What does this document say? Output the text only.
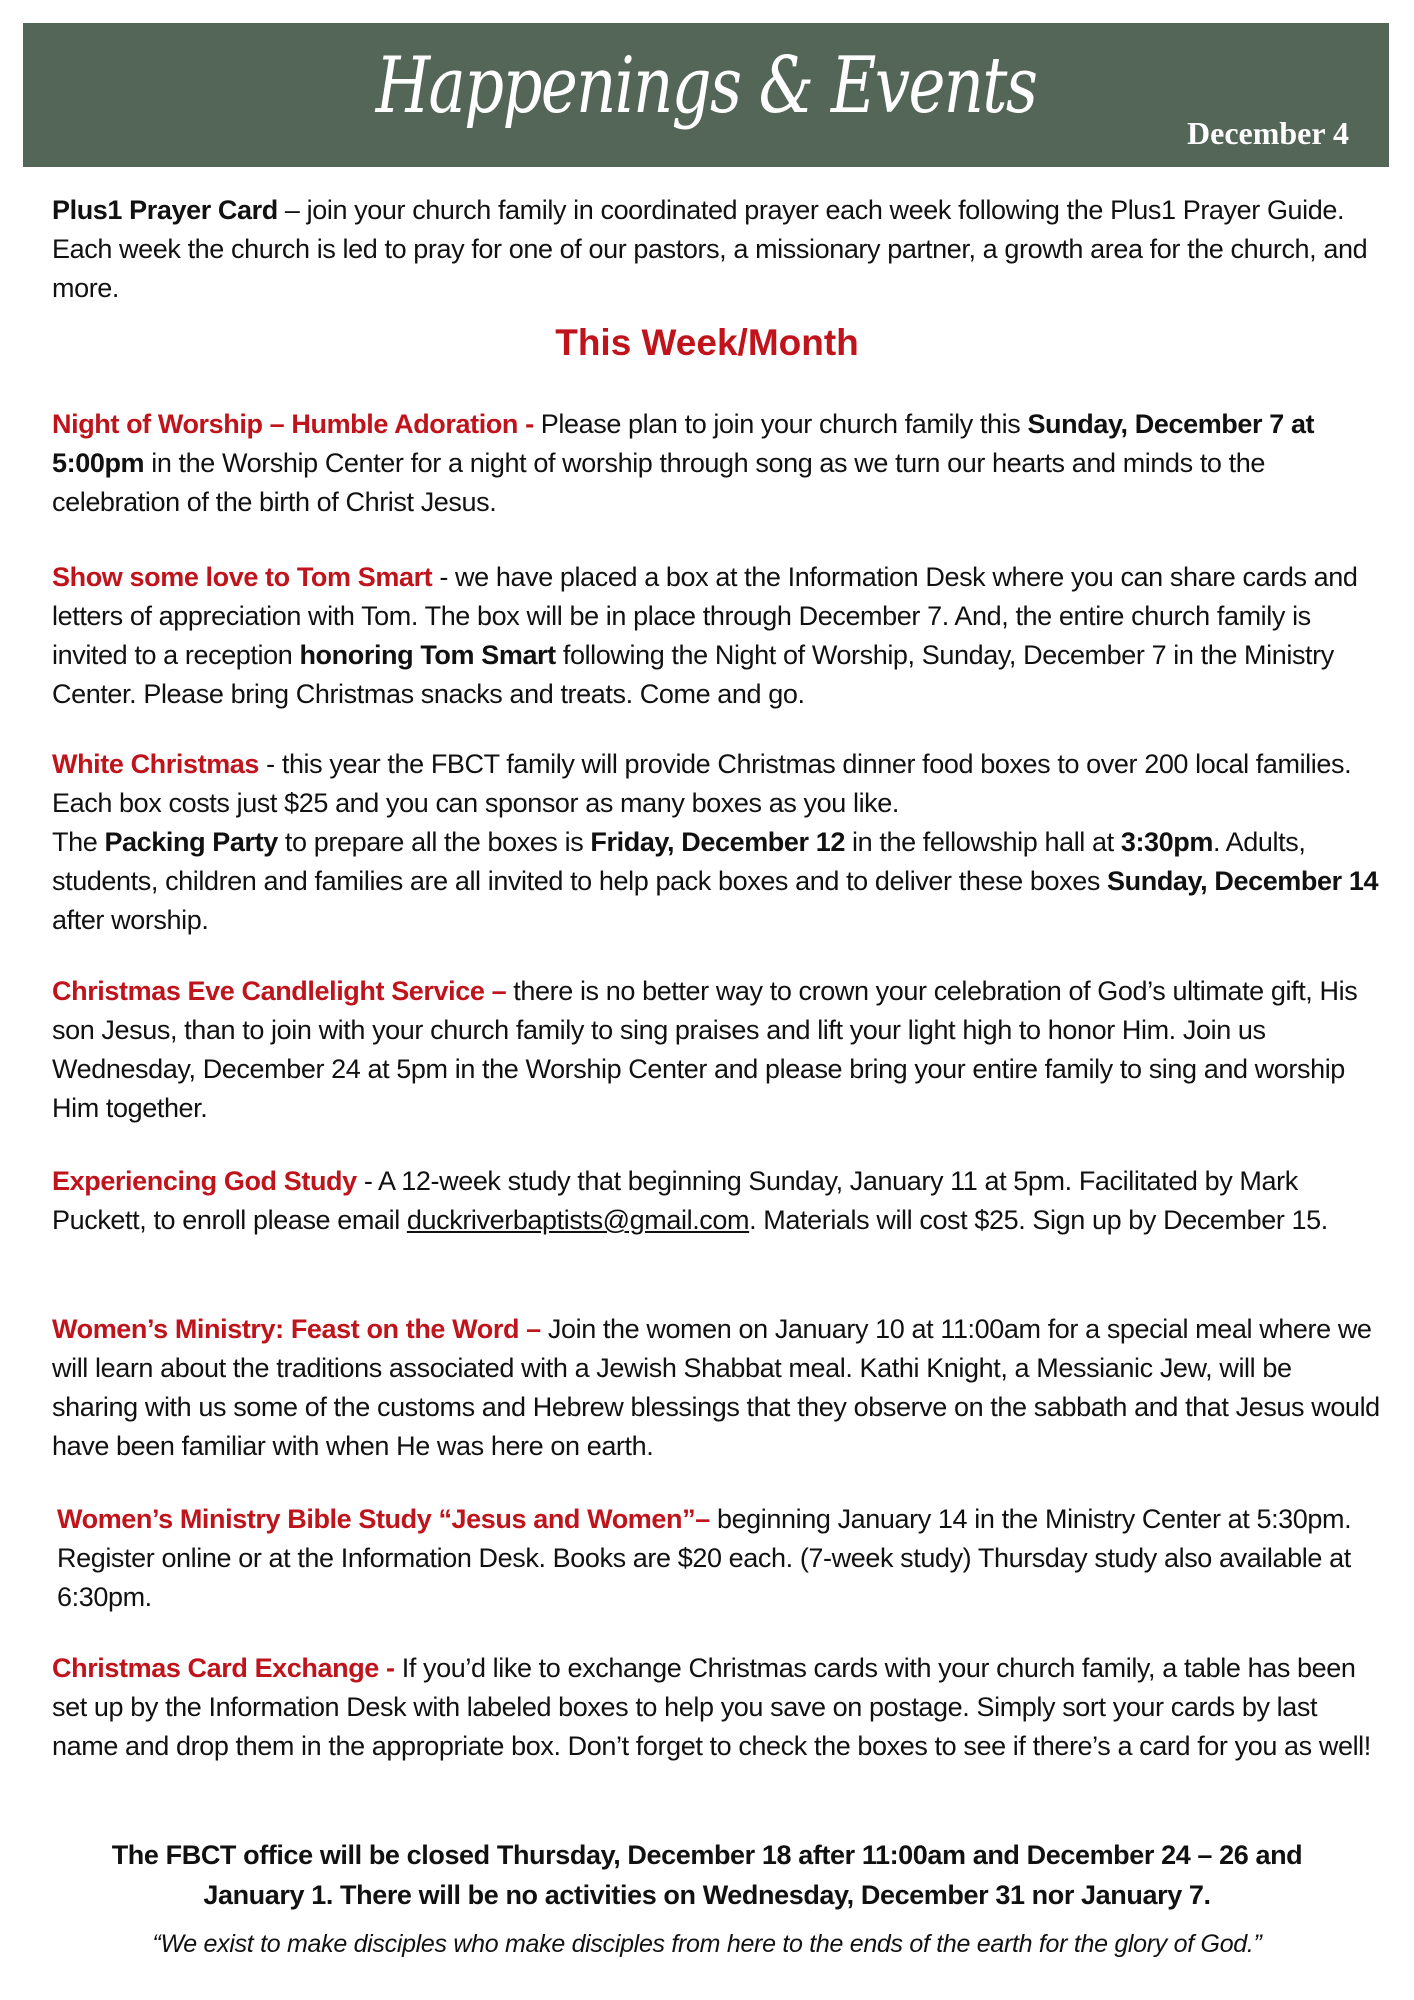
Happenings & Events
December 4
Plus1 Prayer Card – join your church family in coordinated prayer each week following the Plus1 Prayer Guide. Each week the church is led to pray for one of our pastors, a missionary partner, a growth area for the church, and more.
This Week/Month
Night of Worship – Humble Adoration - Please plan to join your church family this Sunday, December 7 at 5:00pm in the Worship Center for a night of worship through song as we turn our hearts and minds to the celebration of the birth of Christ Jesus.
Show some love to Tom Smart - we have placed a box at the Information Desk where you can share cards and letters of appreciation with Tom. The box will be in place through December 7. And, the entire church family is invited to a reception honoring Tom Smart following the Night of Worship, Sunday, December 7 in the Ministry Center. Please bring Christmas snacks and treats. Come and go.
White Christmas - this year the FBCT family will provide Christmas dinner food boxes to over 200 local families. Each box costs just $25 and you can sponsor as many boxes as you like.
The Packing Party to prepare all the boxes is Friday, December 12 in the fellowship hall at 3:30pm. Adults, students, children and families are all invited to help pack boxes and to deliver these boxes Sunday, December 14 after worship.
Christmas Eve Candlelight Service – there is no better way to crown your celebration of God’s ultimate gift, His son Jesus, than to join with your church family to sing praises and lift your light high to honor Him. Join us Wednesday, December 24 at 5pm in the Worship Center and please bring your entire family to sing and worship Him together.
Experiencing God Study - A 12-week study that beginning Sunday, January 11 at 5pm. Facilitated by Mark Puckett, to enroll please email duckriverbaptists@gmail.com. Materials will cost $25. Sign up by December 15.
Women’s Ministry: Feast on the Word – Join the women on January 10 at 11:00am for a special meal where we will learn about the traditions associated with a Jewish Shabbat meal. Kathi Knight, a Messianic Jew, will be sharing with us some of the customs and Hebrew blessings that they observe on the sabbath and that Jesus would have been familiar with when He was here on earth.
Women’s Ministry Bible Study “Jesus and Women”– beginning January 14 in the Ministry Center at 5:30pm. Register online or at the Information Desk. Books are $20 each. (7-week study) Thursday study also available at 6:30pm.
Christmas Card Exchange - If you’d like to exchange Christmas cards with your church family, a table has been set up by the Information Desk with labeled boxes to help you save on postage. Simply sort your cards by last name and drop them in the appropriate box. Don’t forget to check the boxes to see if there’s a card for you as well!
The FBCT office will be closed Thursday, December 18 after 11:00am and December 24 – 26 and January 1. There will be no activities on Wednesday, December 31 nor January 7.
“We exist to make disciples who make disciples from here to the ends of the earth for the glory of God.”
